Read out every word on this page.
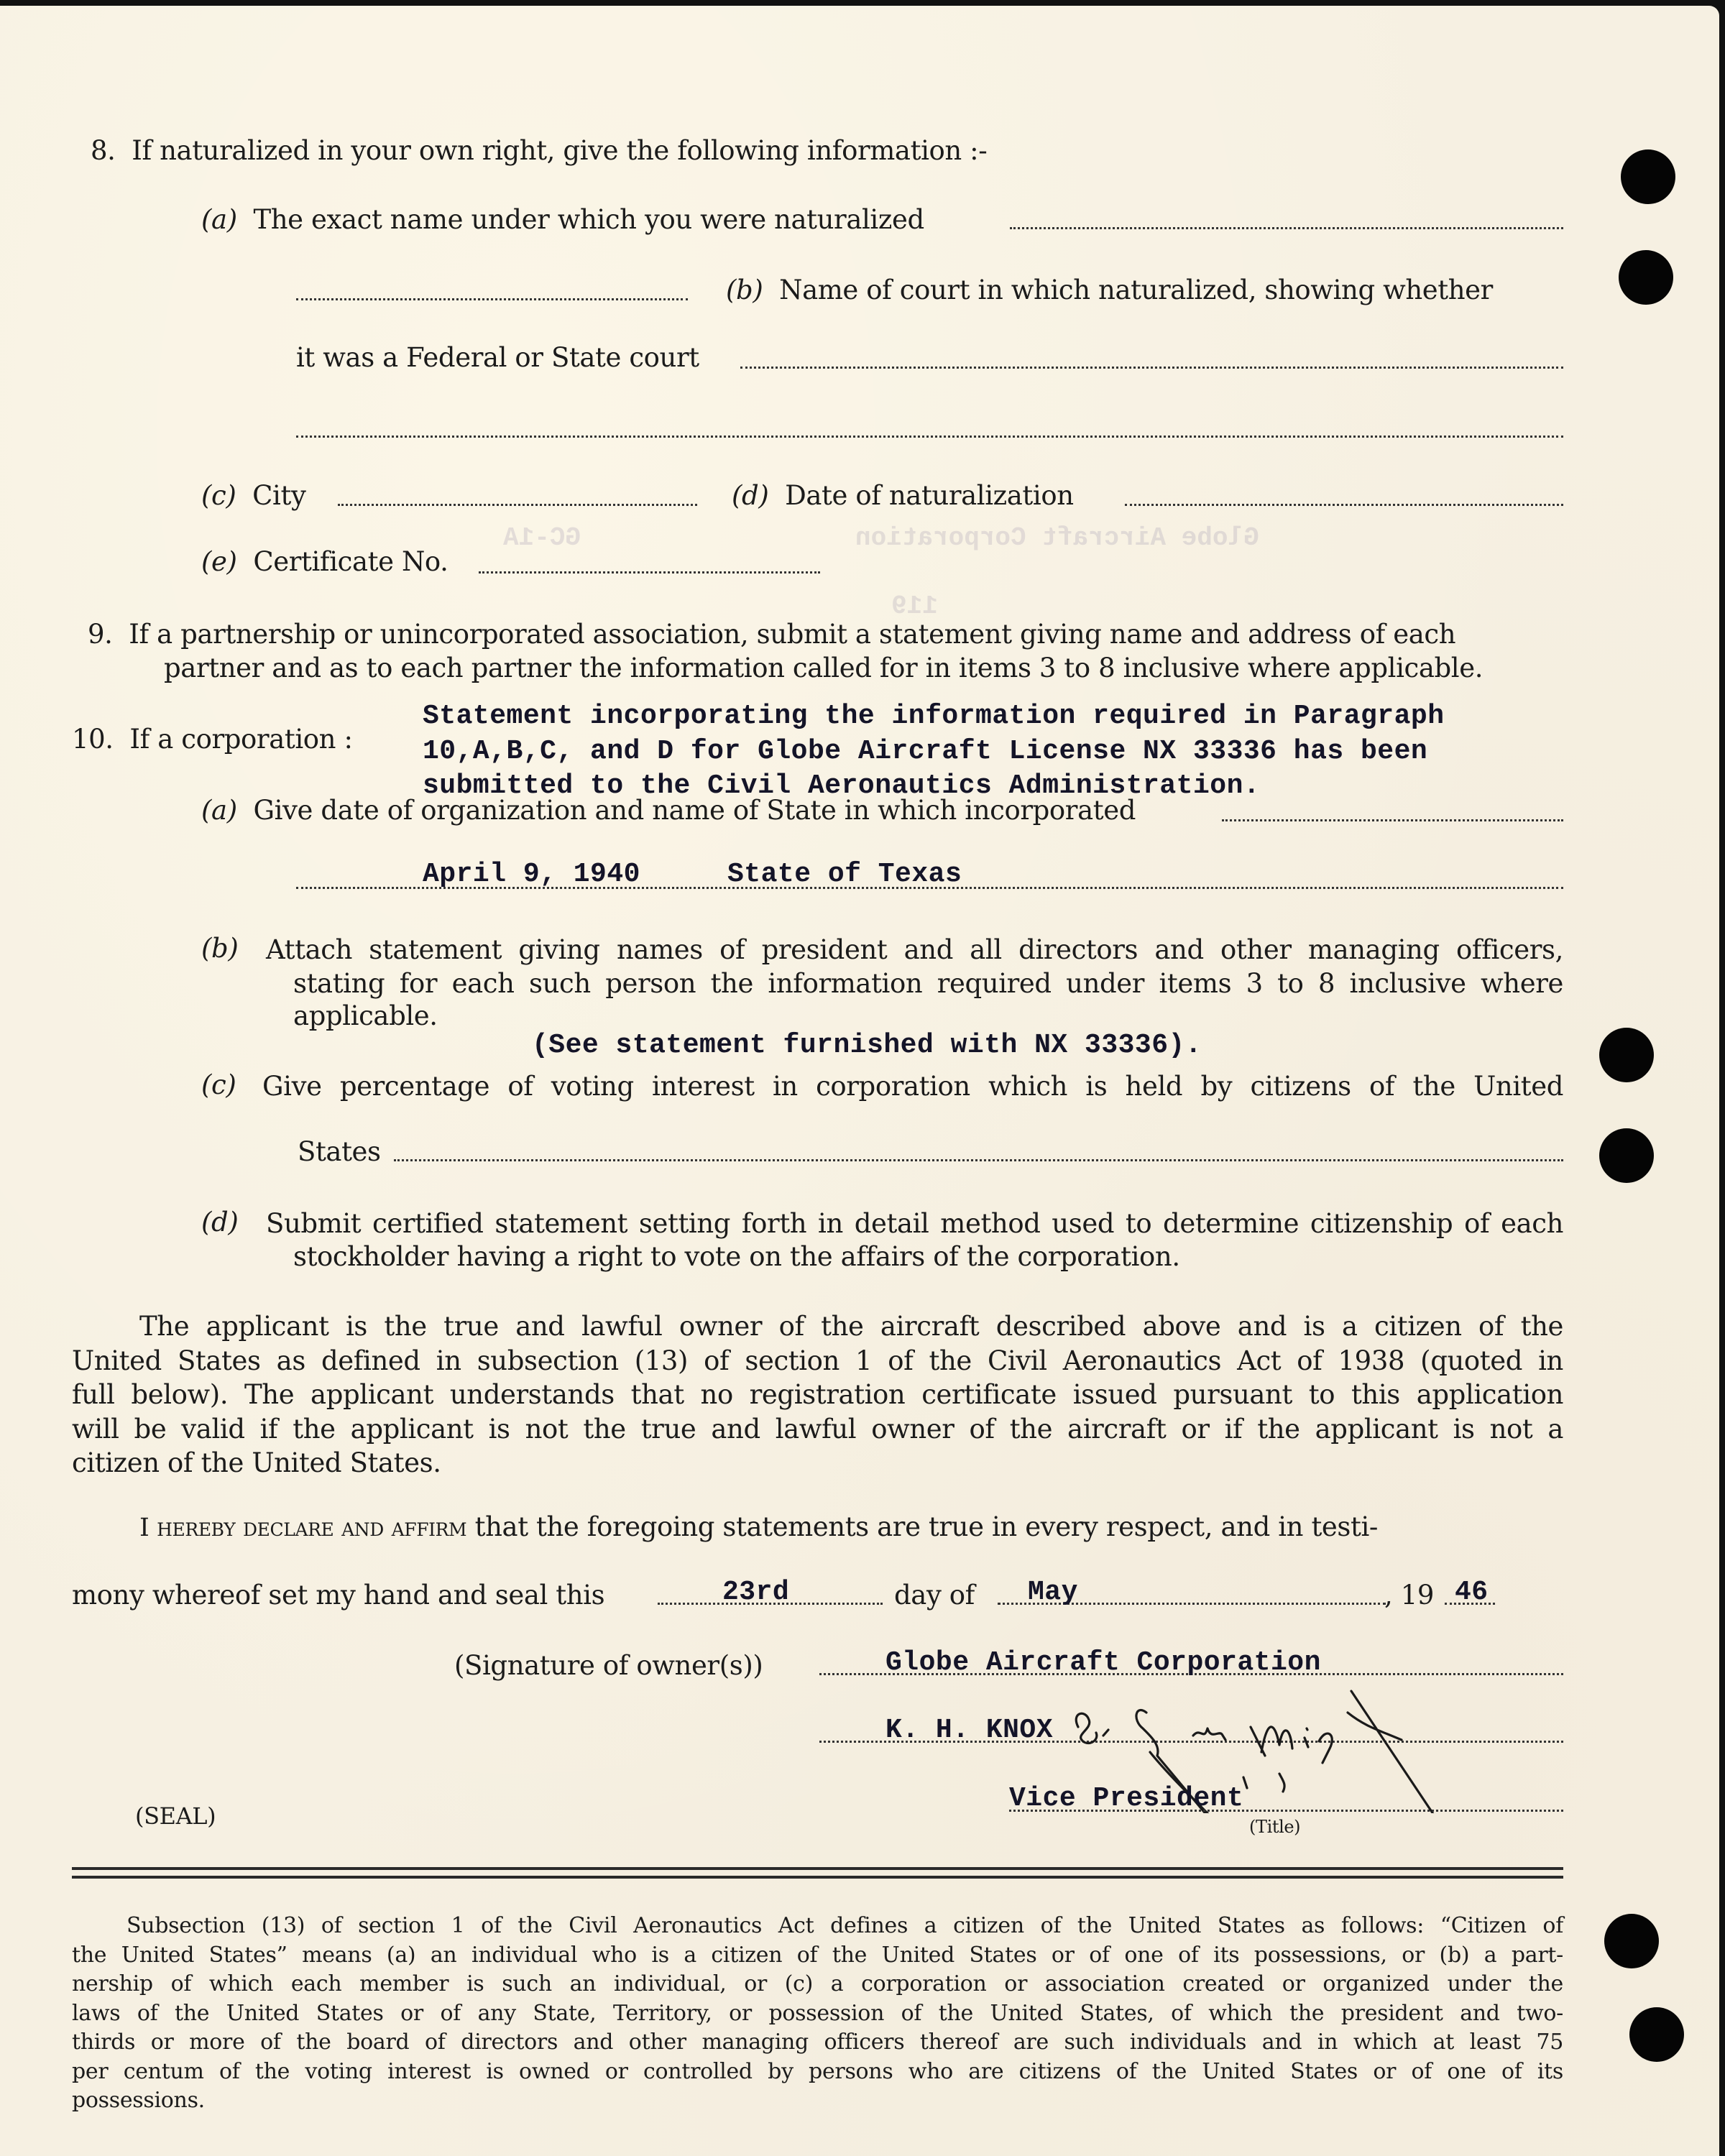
Globe Aircraft Corporation
GC-1A
119
8. If naturalized in your own right, give the following information :-
(a) The exact name under which you were naturalized
(b) Name of court in which naturalized, showing whether
it was a Federal or State court
(c) City	(d) Date of naturalization
(e) Certificate No.
9. If a partnership or unincorporated association, submit a statement giving name and address of each
partner and as to each partner the information called for in items 3 to 8 inclusive where applicable.
10. If a corporation :
Statement incorporating the information required in Paragraph
10,A,B,C, and D for Globe Aircraft License NX 33336 has been
submitted to the Civil Aeronautics Administration.
(a) Give date of organization and name of State in which incorporated
April 9, 1940	State of Texas
(b) Attach statement giving names of president and all directors and other managing officers,
stating for each such person the information required under items 3 to 8 inclusive where
applicable.
(See statement furnished with NX 33336).
(c) Give percentage of voting interest in corporation which is held by citizens of the United
States
(d) Submit certified statement setting forth in detail method used to determine citizenship of each
stockholder having a right to vote on the affairs of the corporation.
The applicant is the true and lawful owner of the aircraft described above and is a citizen of the
United States as defined in subsection (13) of section 1 of the Civil Aeronautics Act of 1938 (quoted in
full below). The applicant understands that no registration certificate issued pursuant to this application
will be valid if the applicant is not the true and lawful owner of the aircraft or if the applicant is not a
citizen of the United States.
I hereby declare and affirm that the foregoing statements are true in every respect, and in testi-
mony whereof set my hand and seal this	23rd	day of May	, 19 46
(Signature of owner(s))	Globe Aircraft Corporation
K. H. KNOX
(SEAL)
Vice President
(Title)
Subsection (13) of section 1 of the Civil Aeronautics Act defines a citizen of the United States as follows: “Citizen of
the United States” means (a) an individual who is a citizen of the United States or of one of its possessions, or (b) a part-
nership of which each member is such an individual, or (c) a corporation or association created or organized under the
laws of the United States or of any State, Territory, or possession of the United States, of which the president and two-
thirds or more of the board of directors and other managing officers thereof are such individuals and in which at least 75
per centum of the voting interest is owned or controlled by persons who are citizens of the United States or of one of its
possessions.
